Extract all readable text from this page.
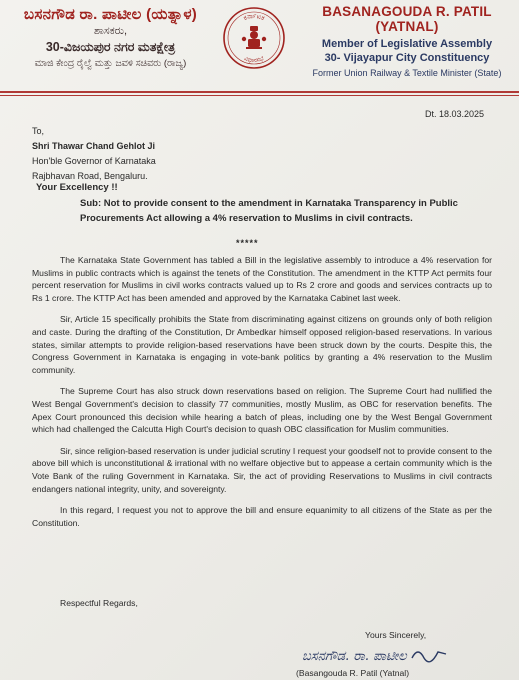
ಬಸನಗೌಡ ರಾ. ಪಾಟೀಲ (ಯತ್ನಾಳ)
ಶಾಸಕರು,
30-ವಿಜಯಪುರ ನಗರ ಮತಕ್ಷೇತ್ರ
ಮಾಜಿ ಕೇಂದ್ರ ರೈಲ್ವೆ ಮತ್ತು ಜವಳಿ ಸಚಿವರು (ರಾಜ್ಯ)
ಕರ್ನಾಟಕ
ವಿಧಾನಸಭೆ
BASANAGOUDA R. PATIL (YATNAL)
Member of Legislative Assembly
30- Vijayapur City Constituency
Former Union Railway & Textile Minister (State)
Dt. 18.03.2025
To,
Shri Thawar Chand Gehlot Ji
Hon'ble Governor of Karnataka
Rajbhavan Road, Bengaluru.
Your Excellency !!
Sub: Not to provide consent to the amendment in Karnataka Transparency in Public Procurements Act allowing a 4% reservation to Muslims in civil contracts.
*****

The Karnataka State Government has tabled a Bill in the legislative assembly to introduce a 4% reservation for Muslims in public contracts which is against the tenets of the Constitution. The amendment in the KTTP Act permits four percent reservation for Muslims in civil works contracts valued up to Rs 2 crore and goods and services contracts up to Rs 1 crore. The KTTP Act has been amended and approved by the Karnataka Cabinet last week.

Sir, Article 15 specifically prohibits the State from discriminating against citizens on grounds only of both religion and caste. During the drafting of the Constitution, Dr Ambedkar himself opposed religion-based reservations. In various states, similar attempts to provide religion-based reservations have been struck down by the courts. Despite this, the Congress Government in Karnataka is engaging in vote-bank politics by granting a 4% reservation to the Muslim community.

The Supreme Court has also struck down reservations based on religion. The Supreme Court had nullified the West Bengal Government's decision to classify 77 communities, mostly Muslim, as OBC for reservation benefits. The Apex Court pronounced this decision while hearing a batch of pleas, including one by the West Bengal Government which had challenged the Calcutta High Court's decision to quash OBC classification for Muslim communities.

Sir, since religion-based reservation is under judicial scrutiny I request your goodself not to provide consent to the above bill which is unconstitutional & irrational with no welfare objective but to appease a certain community which is the Vote Bank of the ruling Government in Karnataka. Sir, the act of providing Reservations to Muslims in civil contracts endangers national integrity, unity, and sovereignty.

In this regard, I request you not to approve the bill and ensure equanimity to all citizens of the State as per the Constitution.

Respectful Regards,
Yours Sincerely,
ಬಸನಗೌಡ. ರಾ. ಪಾಟೀಲ
(Basangouda R. Patil (Yatnal)
